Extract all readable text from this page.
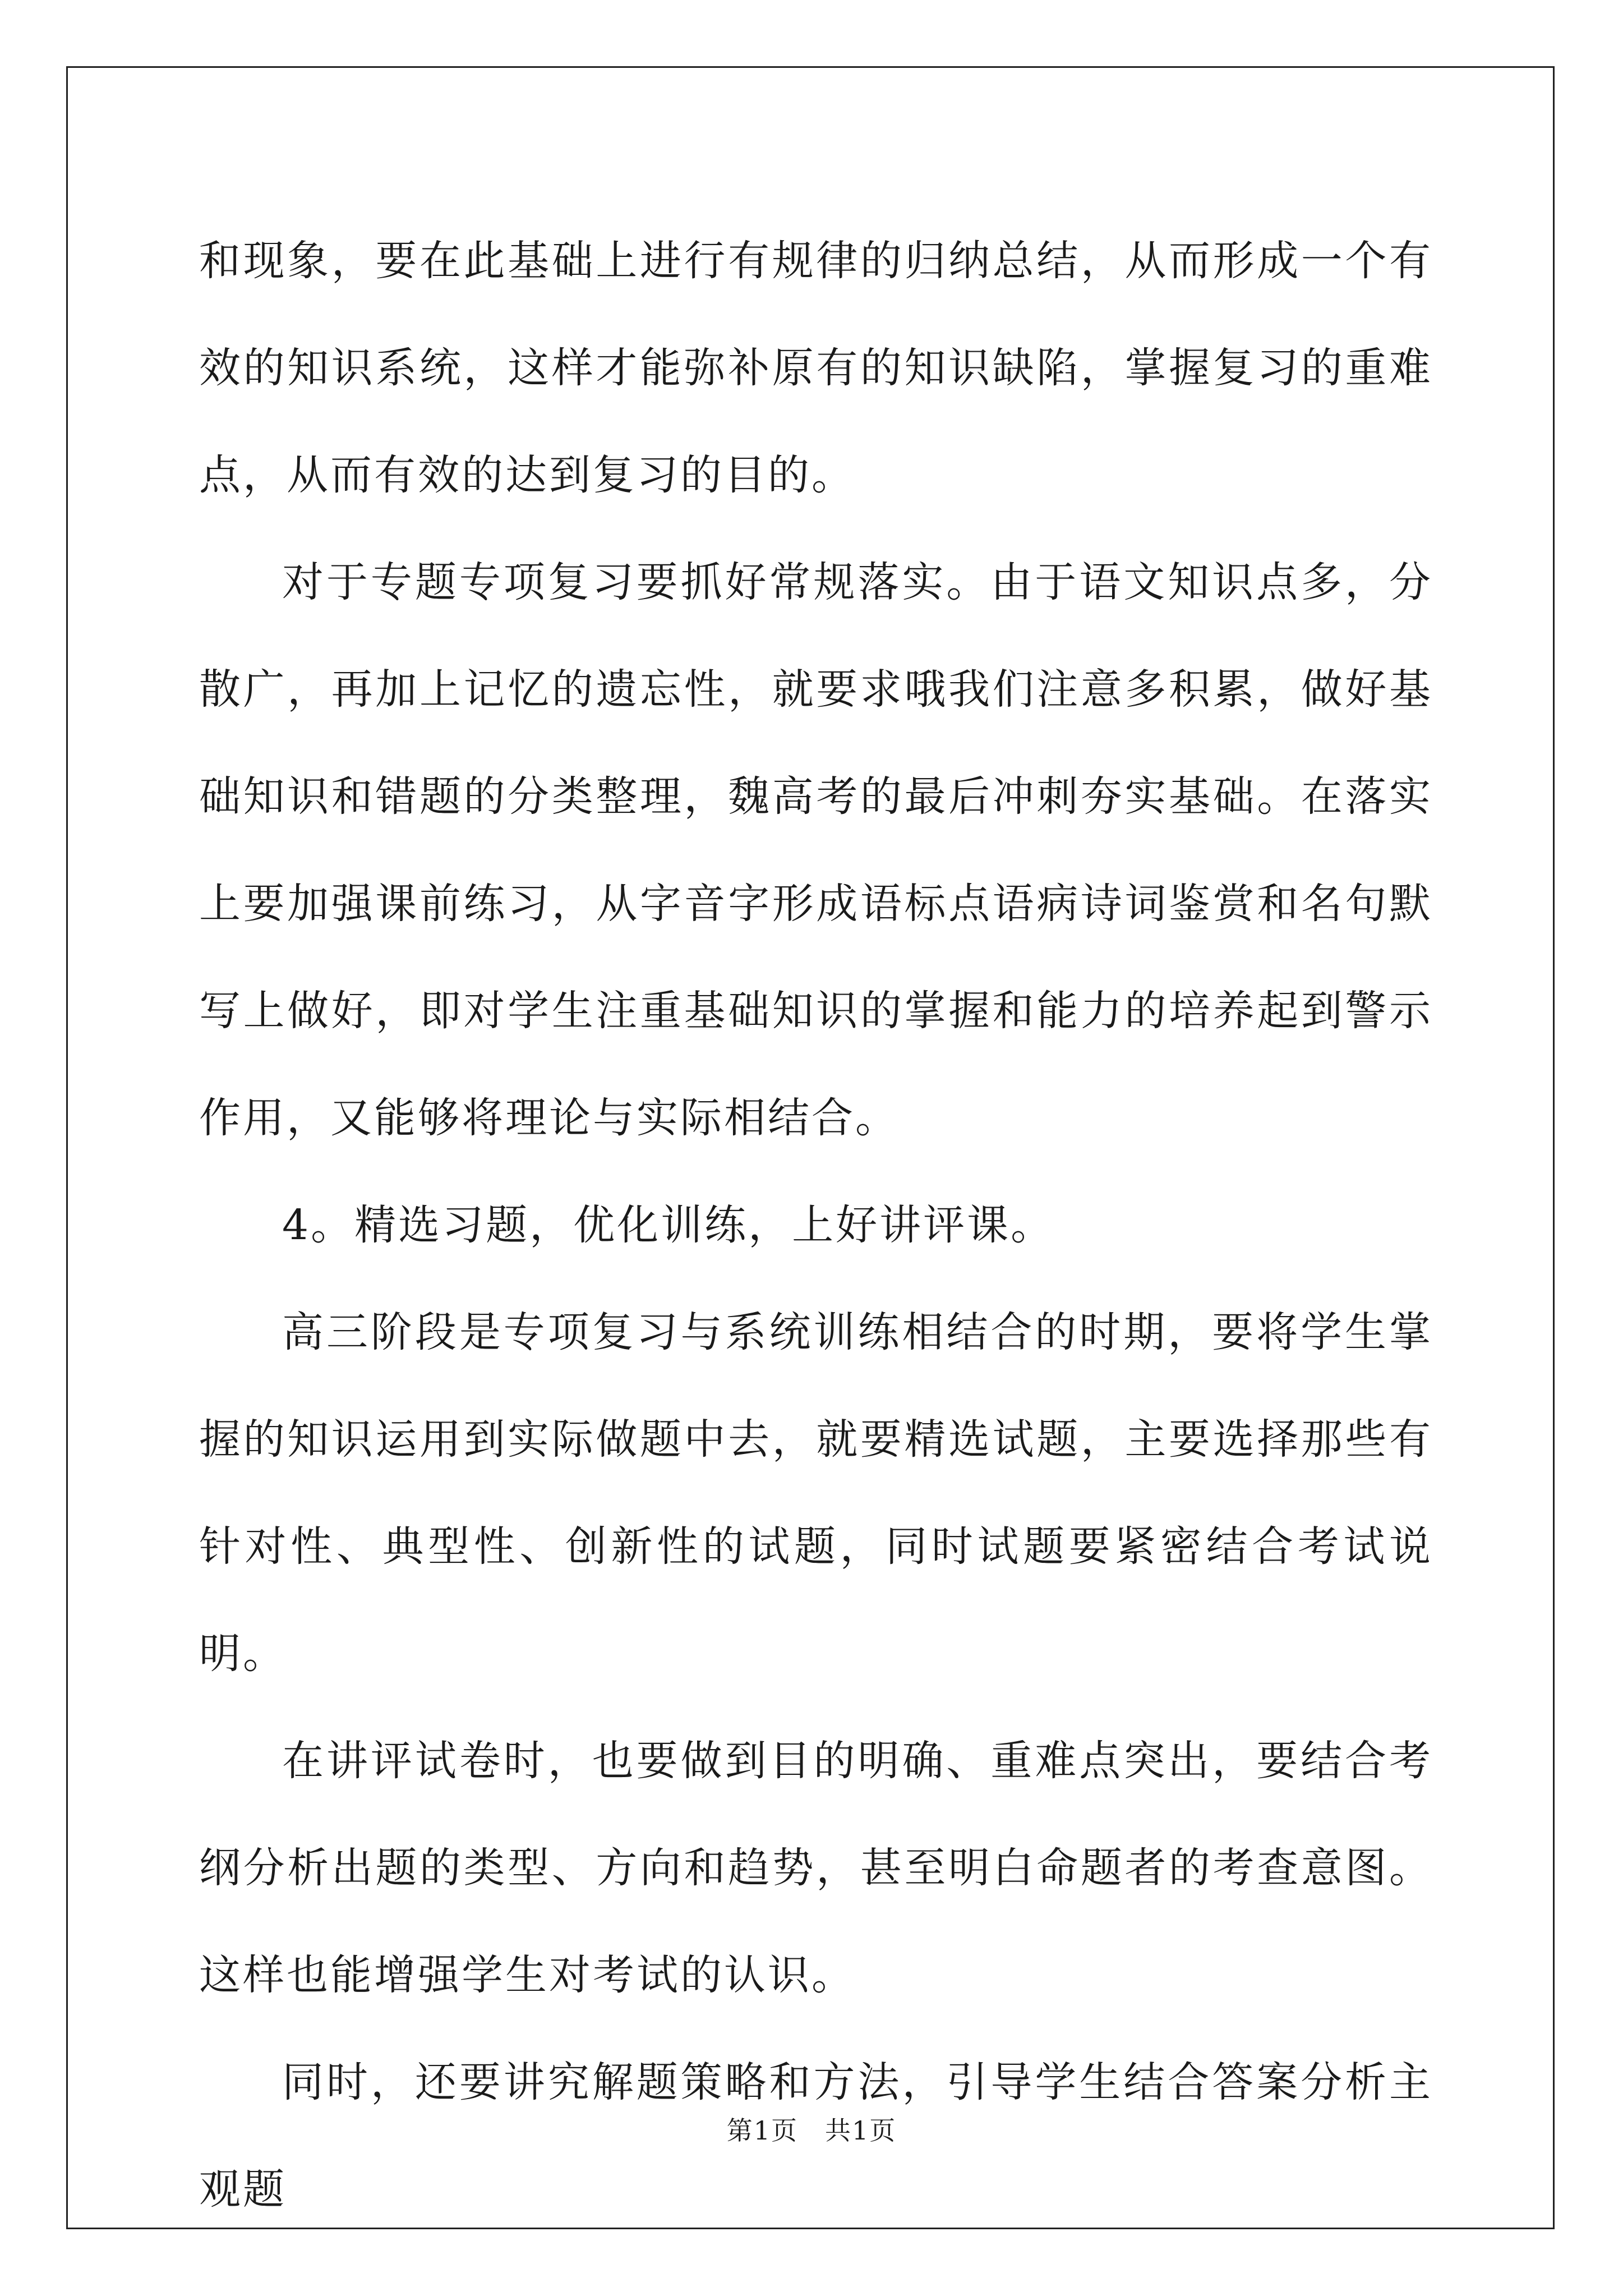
和现象，要在此基础上进行有规律的归纳总结，从而形成一个有效的知识系统，这样才能弥补原有的知识缺陷，掌握复习的重难点，从而有效的达到复习的目的。

对于专题专项复习要抓好常规落实。由于语文知识点多，分散广，再加上记忆的遗忘性，就要求哦我们注意多积累，做好基础知识和错题的分类整理，魏高考的最后冲刺夯实基础。在落实上要加强课前练习，从字音字形成语标点语病诗词鉴赏和名句默写上做好，即对学生注重基础知识的掌握和能力的培养起到警示作用，又能够将理论与实际相结合。

4。精选习题，优化训练，上好讲评课。

高三阶段是专项复习与系统训练相结合的时期，要将学生掌握的知识运用到实际做题中去，就要精选试题，主要选择那些有针对性、典型性、创新性的试题，同时试题要紧密结合考试说明。

在讲评试卷时，也要做到目的明确、重难点突出，要结合考纲分析出题的类型、方向和趋势，甚至明白命题者的考查意图。这样也能增强学生对考试的认识。

同时，还要讲究解题策略和方法，引导学生结合答案分析主观题

第1页　共1页
